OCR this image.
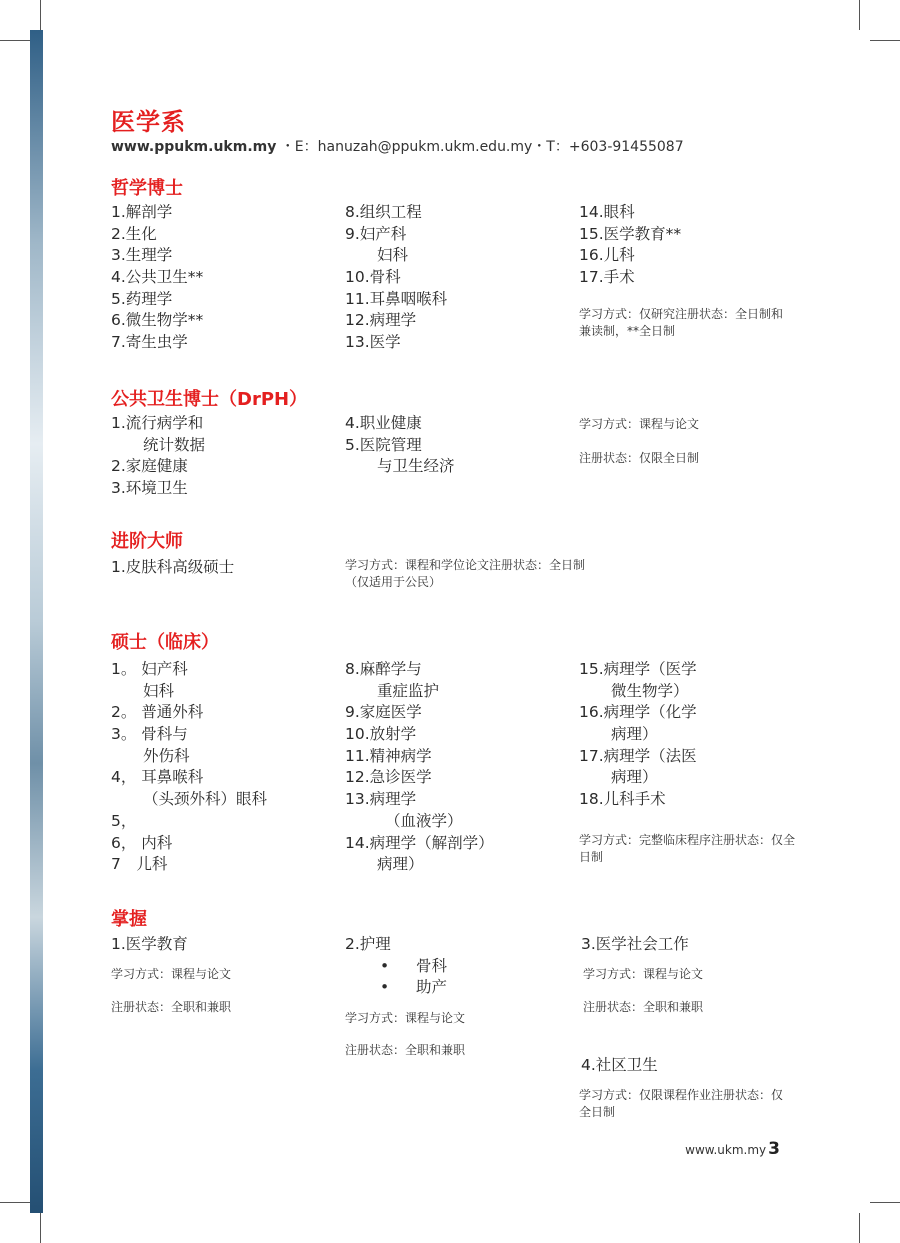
医学系
www.ppukm.ukm.my ・E：hanuzah@ppukm.ukm.edu.my・T：+603-91455087
哲学博士
1.解剖学
2.生化
3.生理学
4.公共卫生**
5.药理学
6.微生物学**
7.寄生虫学
8.组织工程
9.妇产科
妇科
10.骨科
11.耳鼻咽喉科
12.病理学
13.医学
14.眼科
15.医学教育**
16.儿科
17.手术
学习方式：仅研究注册状态：全日制和兼读制，**全日制
公共卫生博士（DrPH）
1.流行病学和
统计数据
2.家庭健康
3.环境卫生
4.职业健康
5.医院管理
与卫生经济
学习方式：课程与论文
注册状态：仅限全日制
进阶大师
1.皮肤科高级硕士	学习方式：课程和学位论文注册状态：全日制（仅适用于公民）
硕士（临床）
1。 妇产科
妇科
2。 普通外科
3。 骨科与
外伤科
4， 耳鼻喉科
（头颈外科）眼科
5，
6， 内科
7　儿科
8.麻醉学与
重症监护
9.家庭医学
10.放射学
11.精神病学
12.急诊医学
13.病理学
（血液学）
14.病理学（解剖学）
病理）
15.病理学（医学
微生物学）
16.病理学（化学
病理）
17.病理学（法医
病理）
18.儿科手术
学习方式：完整临床程序注册状态：仅全日制
掌握
1.医学教育
学习方式：课程与论文
注册状态：全职和兼职
2.护理
• 骨科
• 助产
学习方式：课程与论文
注册状态：全职和兼职
3.医学社会工作
学习方式：课程与论文
注册状态：全职和兼职
4.社区卫生
学习方式：仅限课程作业注册状态：仅全日制
www.ukm.my 3
